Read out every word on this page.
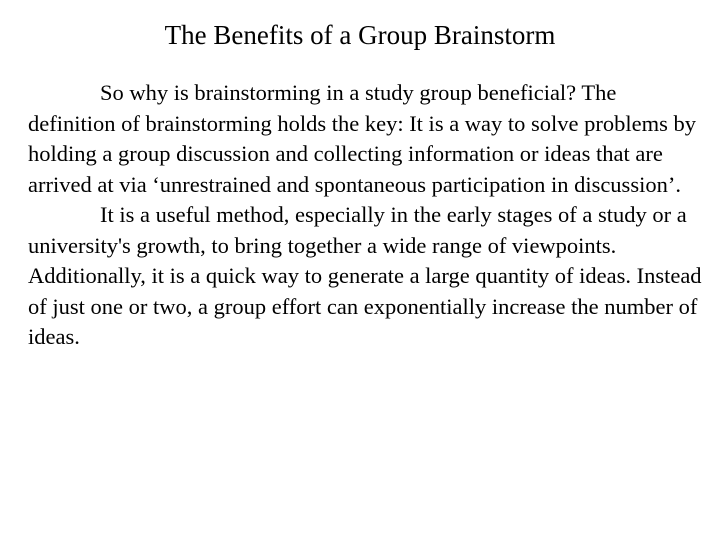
The Benefits of a Group Brainstorm

So why is brainstorming in a study group beneficial? The definition of brainstorming holds the key: It is a way to solve problems by holding a group discussion and collecting information or ideas that are arrived at via ‘unrestrained and spontaneous participation in discussion’.

It is a useful method, especially in the early stages of a study or a university's growth, to bring together a wide range of viewpoints. Additionally, it is a quick way to generate a large quantity of ideas. Instead of just one or two, a group effort can exponentially increase the number of ideas.
